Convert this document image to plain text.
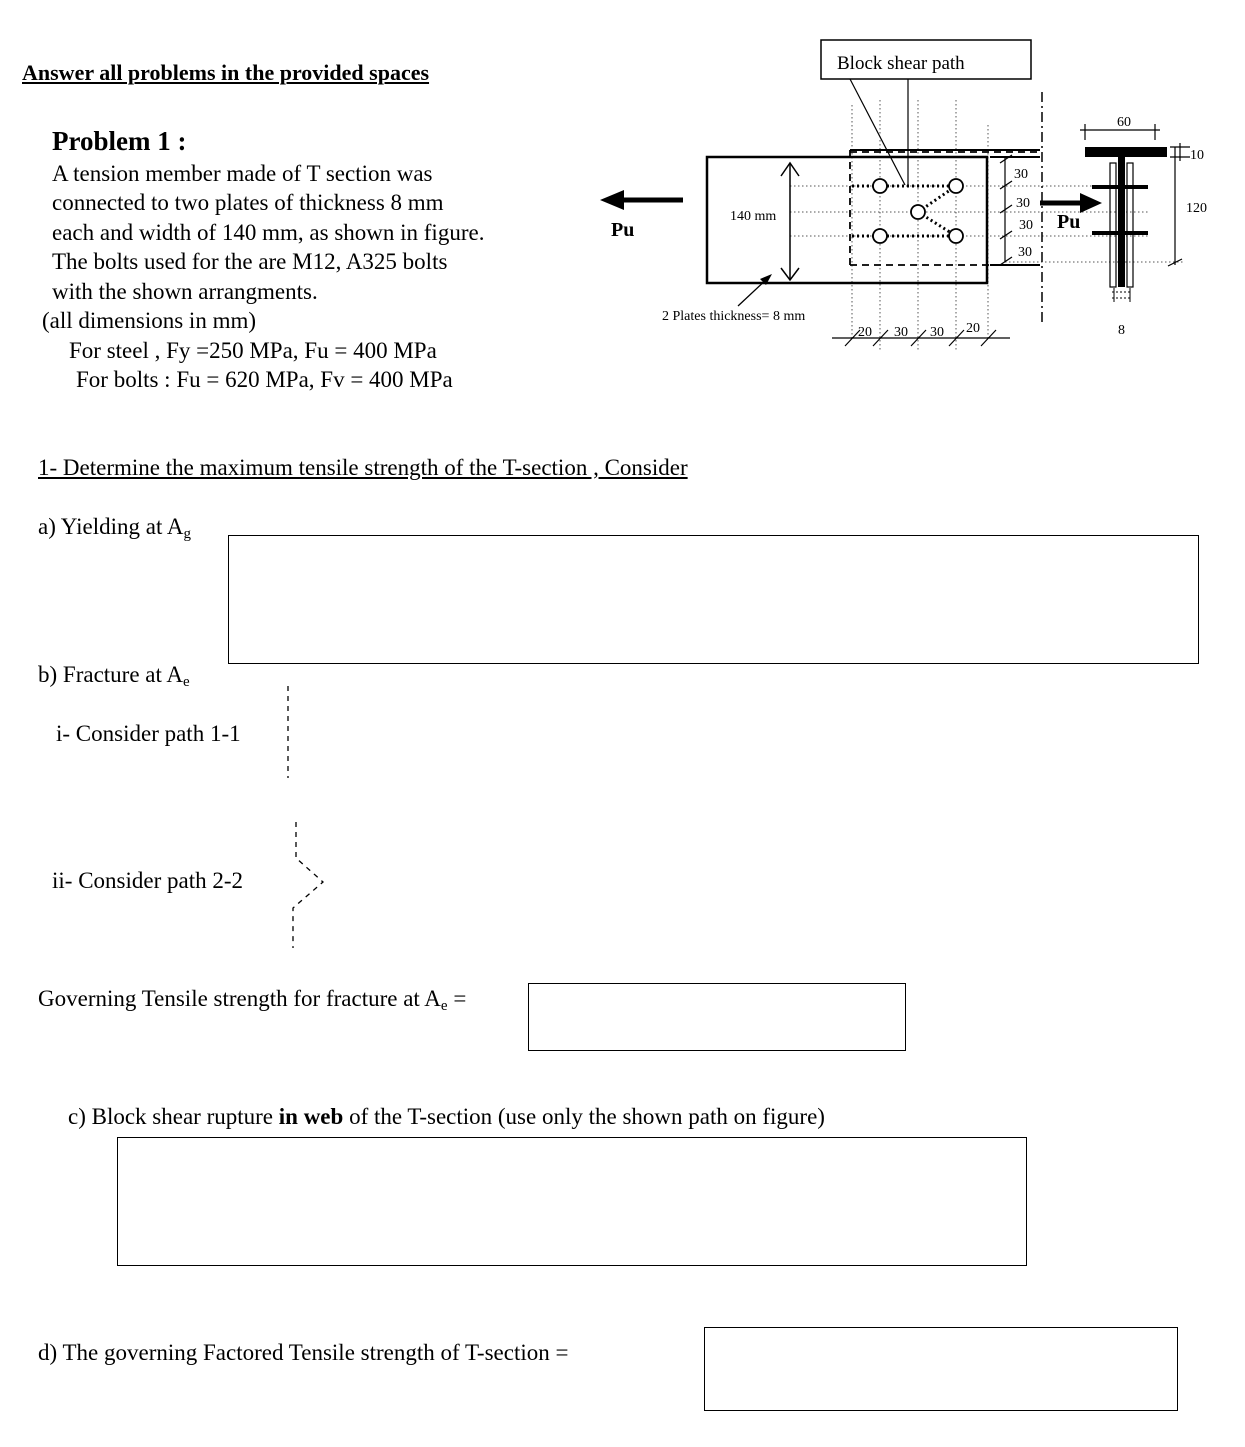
Answer all problems in the provided spaces
Problem 1 :
A tension member made of T section was
connected to two plates of thickness 8 mm
each and width of 140 mm, as shown in figure.
The bolts used for the are M12, A325 bolts
with the shown arrangments.
(all dimensions in mm)
For steel , Fy =250 MPa, Fu = 400 MPa
For bolts : Fu = 620 MPa, Fv = 400 MPa
140 mm
Pu	Pu
Block shear path
2 Plates thickness= 8 mm
20 30 30 20
30
30
30
30
60
10
120
8
1- Determine the maximum tensile strength of the T-section , Consider
a) Yielding at $A_g$
b) Fracture at $A_e$
i- Consider path 1-1
ii- Consider path 2-2
Governing Tensile strength for fracture at $A_e$ =
c) Block shear rupture in web of the T-section (use only the shown path on figure)
d) The governing Factored Tensile strength of T-section =
